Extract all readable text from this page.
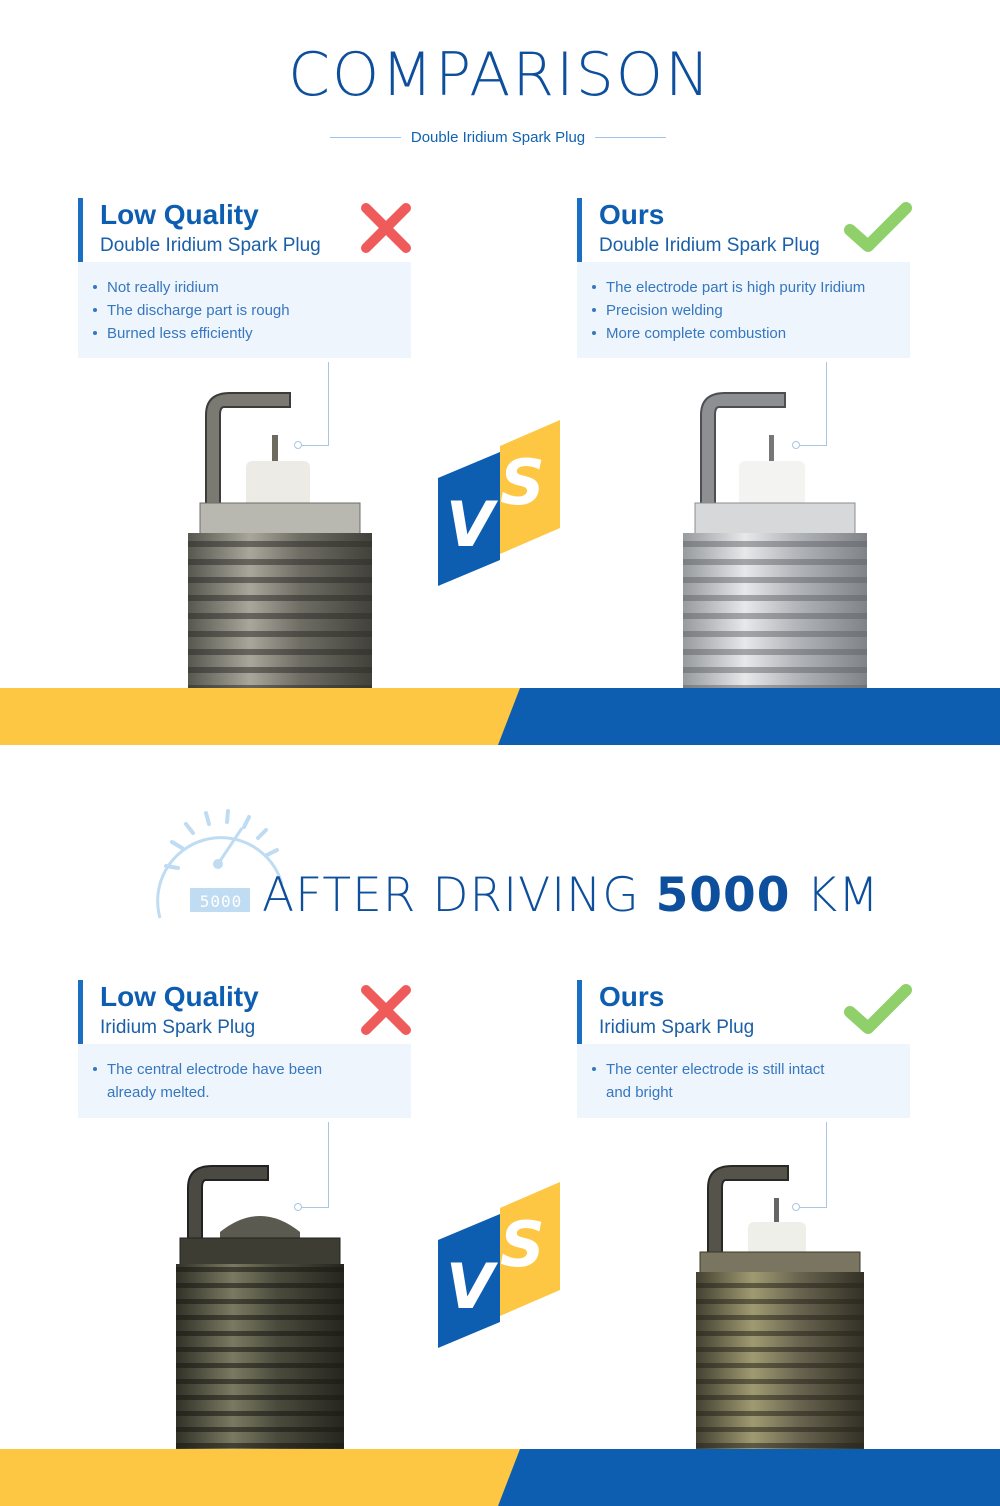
COMPARISON
Double Iridium Spark Plug
Low Quality
Double Iridium Spark Plug
Not really iridium
The discharge part is rough
Burned less efficiently
Ours
Double Iridium Spark Plug
The electrode part is high purity Iridium
Precision welding
More complete combustion
V
S
5000 AFTER DRIVING 5000 KM
Low Quality
Iridium Spark Plug
The central electrode have been already melted.
Ours
Iridium Spark Plug
The center electrode is still intact and bright
V
S
